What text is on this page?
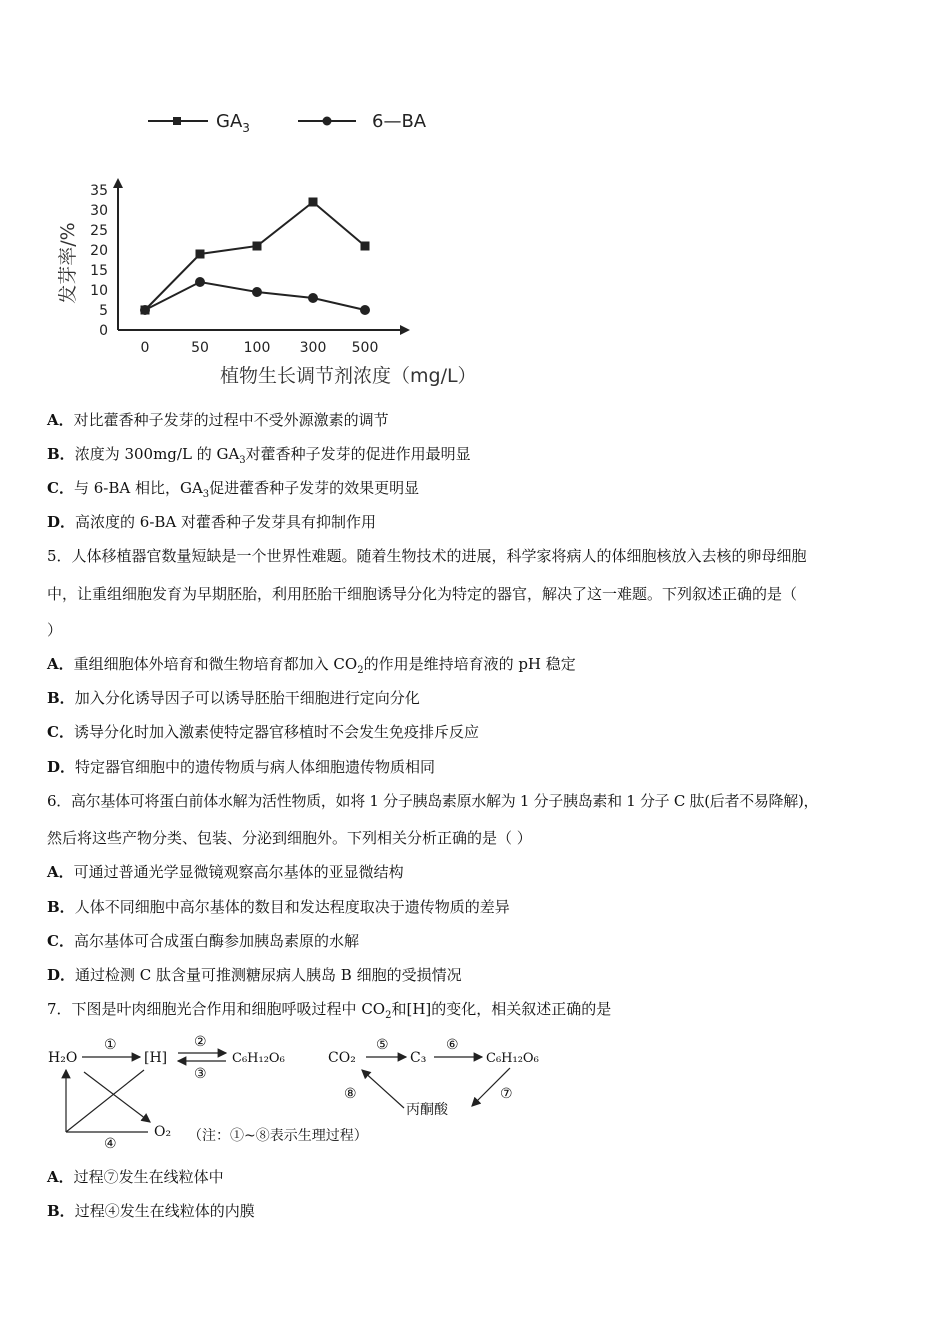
$GA_3$	6—BA
0
5
10
15
20
25
30
35
0	50 100 300 500
发芽率/%
植物生长调节剂浓度（mg/L）
A．对比藿香种子发芽的过程中不受外源激素的调节
B．浓度为 300mg/L 的 $GA_3$对藿香种子发芽的促进作用最明显
C．与 6-BA 相比，$GA_3$促进藿香种子发芽的效果更明显
D．高浓度的 6-BA 对藿香种子发芽具有抑制作用
5．人体移植器官数量短缺是一个世界性难题。随着生物技术的进展，科学家将病人的体细胞核放入去核的卵母细胞
中，让重组细胞发育为早期胚胎，利用胚胎干细胞诱导分化为特定的器官，解决了这一难题。下列叙述正确的是（
）
A．重组细胞体外培育和微生物培育都加入 $CO_2$的作用是维持培育液的 pH 稳定
B．加入分化诱导因子可以诱导胚胎干细胞进行定向分化
C．诱导分化时加入激素使特定器官移植时不会发生免疫排斥反应
D．特定器官细胞中的遗传物质与病人体细胞遗传物质相同
6．高尔基体可将蛋白前体水解为活性物质，如将 1 分子胰岛素原水解为 1 分子胰岛素和 1 分子 C 肽(后者不易降解)，
然后将这些产物分类、包装、分泌到细胞外。下列相关分析正确的是（ ）
A．可通过普通光学显微镜观察高尔基体的亚显微结构
B．人体不同细胞中高尔基体的数目和发达程度取决于遗传物质的差异
C．高尔基体可合成蛋白酶参加胰岛素原的水解
D．通过检测 C 肽含量可推测糖尿病人胰岛 B 细胞的受损情况
7．下图是叶肉细胞光合作用和细胞呼吸过程中 $CO_2$和[H]的变化，相关叙述正确的是
H₂O
①
[H]
②
③
C₆H₁₂O₆
④
O₂ （注：①~⑧表示生理过程）
CO₂
⑤
C₃
⑥
C₆H₁₂O₆
⑦
丙酮酸
⑧
A．过程⑦发生在线粒体中
B．过程④发生在线粒体的内膜
